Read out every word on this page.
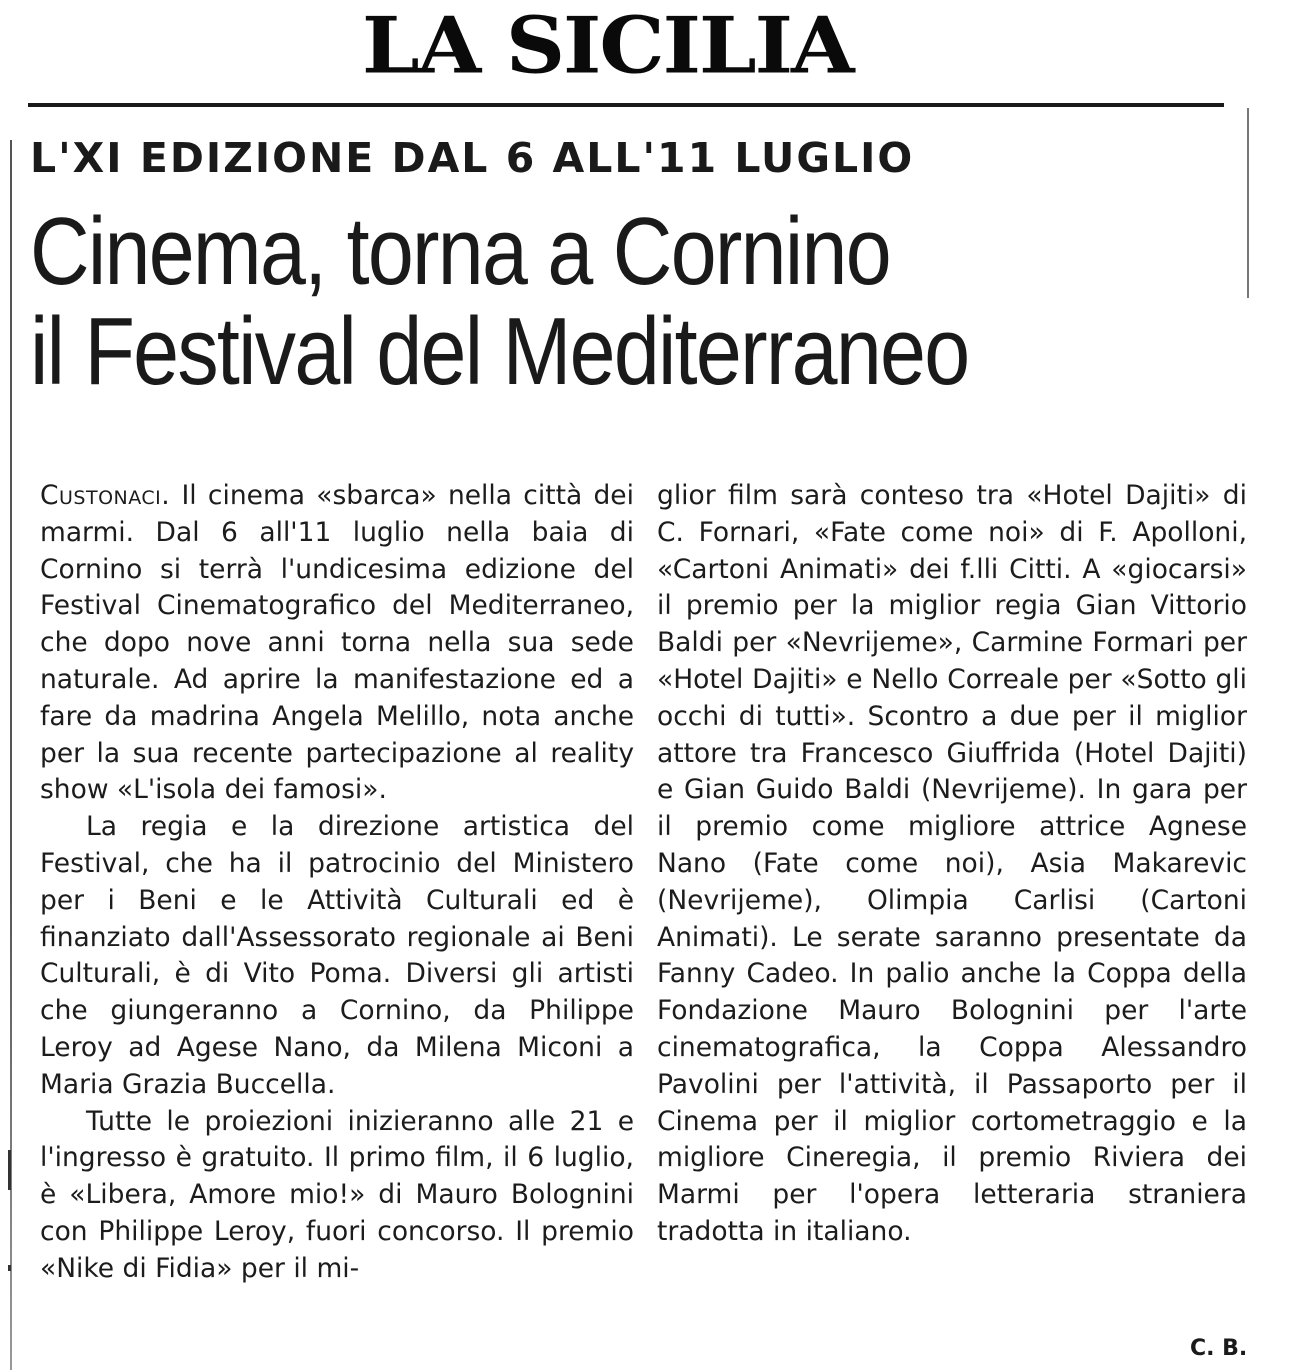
LA SICILIA
L'XI EDIZIONE DAL 6 ALL'11 LUGLIO
Cinema, torna a Cornino
il Festival del Mediterraneo

Custonaci. Il cinema «sbarca» nella città dei marmi. Dal 6 all'11 luglio nella baia di Cornino si terrà l'undicesima edizione del Festival Cinematografico del Mediterraneo, che dopo nove anni torna nella sua sede naturale. Ad aprire la manifestazione ed a fare da madrina Angela Melillo, nota anche per la sua recente partecipazione al reality show «L'isola dei famosi».

La regia e la direzione artistica del Festival, che ha il patrocinio del Ministero per i Beni e le Attività Culturali ed è finanziato dall'Assessorato regionale ai Beni Culturali, è di Vito Poma. Diversi gli artisti che giungeranno a Cornino, da Philippe Leroy ad Agese Nano, da Milena Miconi a Maria Grazia Buccella.

Tutte le proiezioni inizieranno alle 21 e l'ingresso è gratuito. Il primo film, il 6 luglio, è «Libera, Amore mio!» di Mauro Bolognini con Philippe Leroy, fuori concorso. Il premio «Nike di Fidia» per il mi-

glior film sarà conteso tra «Hotel Dajiti» di C. Fornari, «Fate come noi» di F. Apolloni, «Cartoni Animati» dei f.lli Citti. A «giocarsi» il premio per la miglior regia Gian Vittorio Baldi per «Nevrijeme», Carmine Formari per «Hotel Dajiti» e Nello Correale per «Sotto gli occhi di tutti». Scontro a due per il miglior attore tra Francesco Giuffrida (Hotel Dajiti) e Gian Guido Baldi (Nevrijeme). In gara per il premio come migliore attrice Agnese Nano (Fate come noi), Asia Makarevic (Nevrijeme), Olimpia Carlisi (Cartoni Animati). Le serate saranno presentate da Fanny Cadeo. In palio anche la Coppa della Fondazione Mauro Bolognini per l'arte cinematografica, la Coppa Alessandro Pavolini per l'attività, il Passaporto per il Cinema per il miglior cortometraggio e la migliore Cineregia, il premio Riviera dei Marmi per l'opera letteraria straniera tradotta in italiano.

C. B.
